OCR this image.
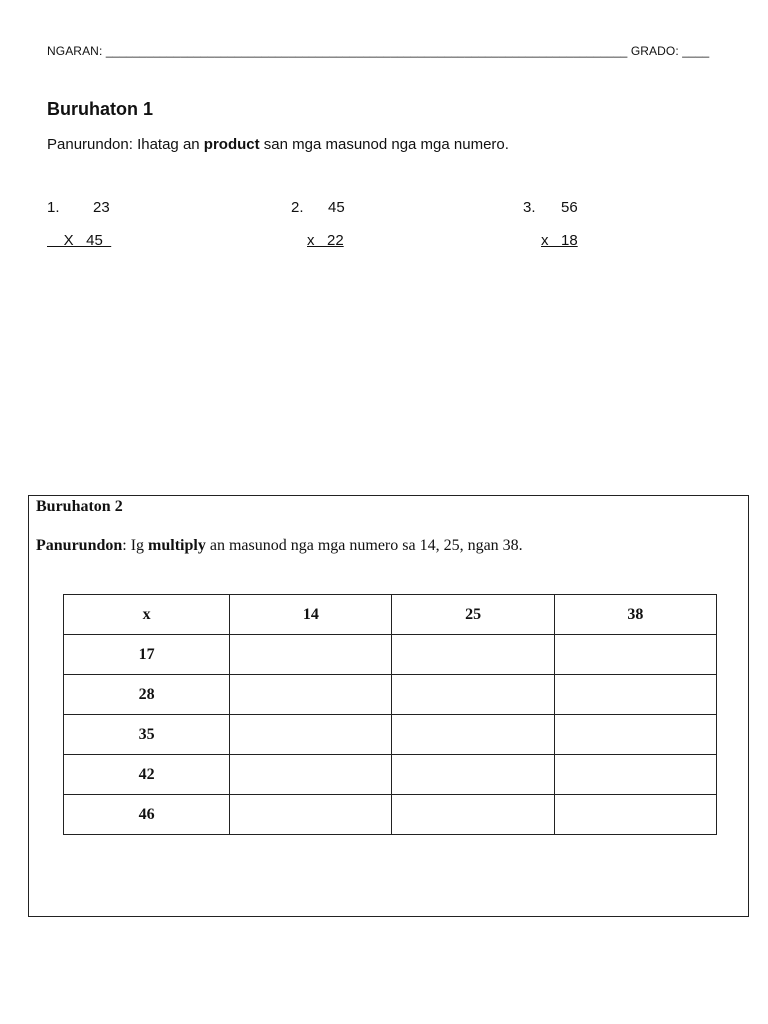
NGARAN: _____________________________________________________________________________ GRADO: ____
Buruhaton 1
Panurundon: Ihatag an product san mga masunod nga mga numero.
1. 23
X   45
2. 45
x   22
3. 56
x   18
Buruhaton 2
Panurundon: Ig multiply an masunod nga mga numero sa 14, 25, ngan 38.
x	14	25	38
17			
28			
35			
42			
46			
